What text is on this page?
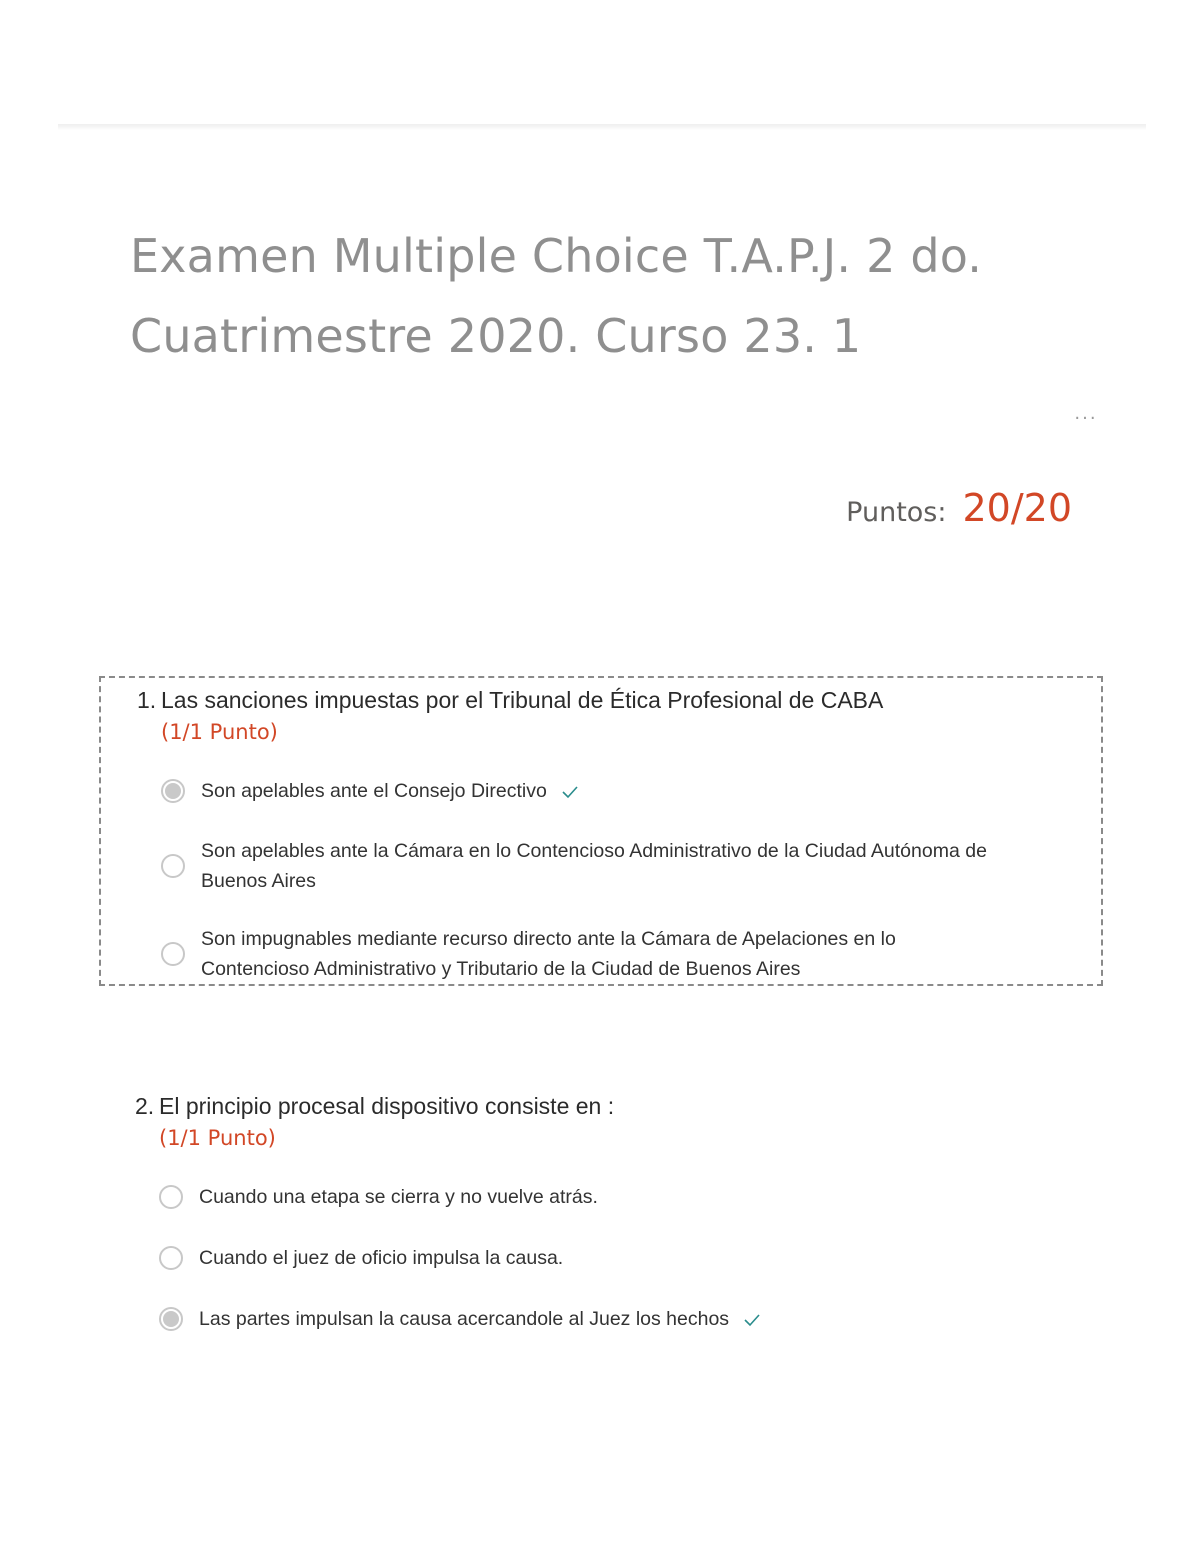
Examen Multiple Choice T.A.P.J. 2 do. Cuatrimestre 2020. Curso 23. 1
···
Puntos: 20/20
1. Las sanciones impuestas por el Tribunal de Ética Profesional de CABA
(1/1 Punto)
Son apelables ante el Consejo Directivo
Son apelables ante la Cámara en lo Contencioso Administrativo de la Ciudad Autónoma de Buenos Aires
Son impugnables mediante recurso directo ante la Cámara de Apelaciones en lo Contencioso Administrativo y Tributario de la Ciudad de Buenos Aires
2. El principio procesal dispositivo consiste en :
(1/1 Punto)
Cuando una etapa se cierra y no vuelve atrás.
Cuando el juez de oficio impulsa la causa.
Las partes impulsan la causa acercandole al Juez los hechos
